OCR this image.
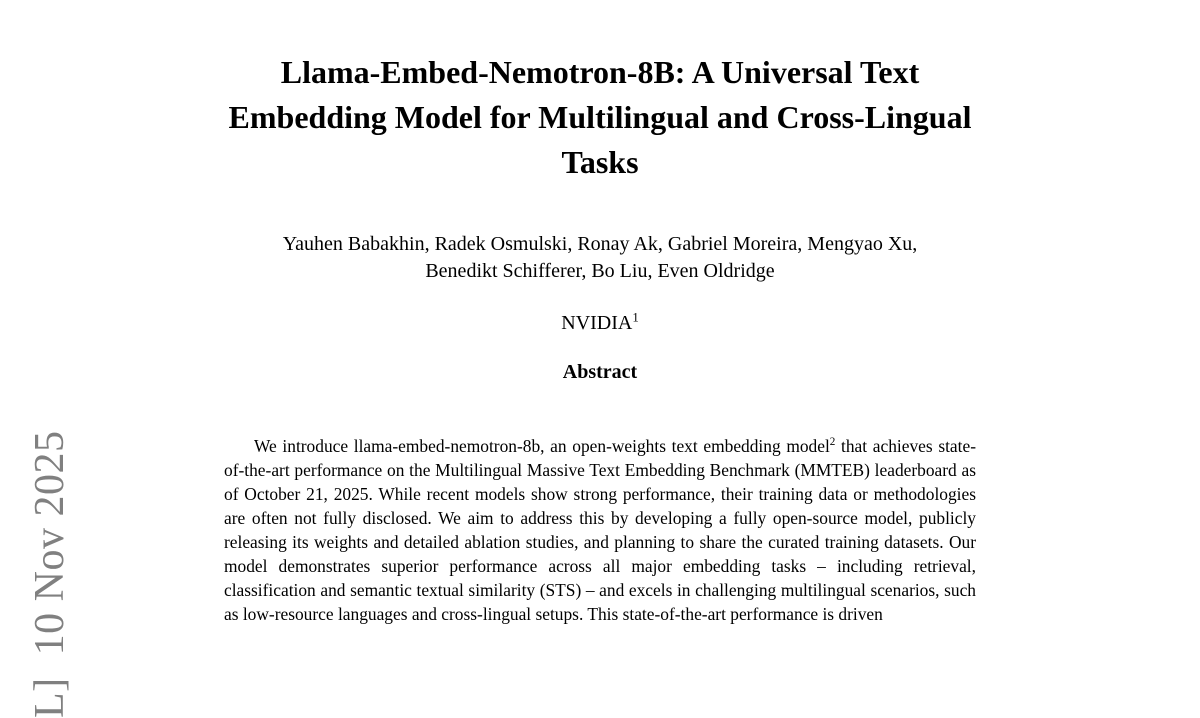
L]  10 Nov 2025
Llama-Embed-Nemotron-8B: A Universal Text
Embedding Model for Multilingual and Cross-Lingual
Tasks
Yauhen Babakhin, Radek Osmulski, Ronay Ak, Gabriel Moreira, Mengyao Xu,
Benedikt Schifferer, Bo Liu, Even Oldridge
NVIDIA$^1$
Abstract
We introduce llama-embed-nemotron-8b, an open-weights text embedding model$^2$ that achieves state-of-the-art performance on the Multilingual Massive Text Embedding Benchmark (MMTEB) leaderboard as of October 21, 2025. While recent models show strong performance, their training data or methodologies are often not fully disclosed. We aim to address this by developing a fully open-source model, publicly releasing its weights and detailed ablation studies, and planning to share the curated training datasets. Our model demonstrates superior performance across all major embedding tasks – including retrieval, classification and semantic textual similarity (STS) – and excels in challenging multilingual scenarios, such as low-resource languages and cross-lingual setups. This state-of-the-art performance is driven
